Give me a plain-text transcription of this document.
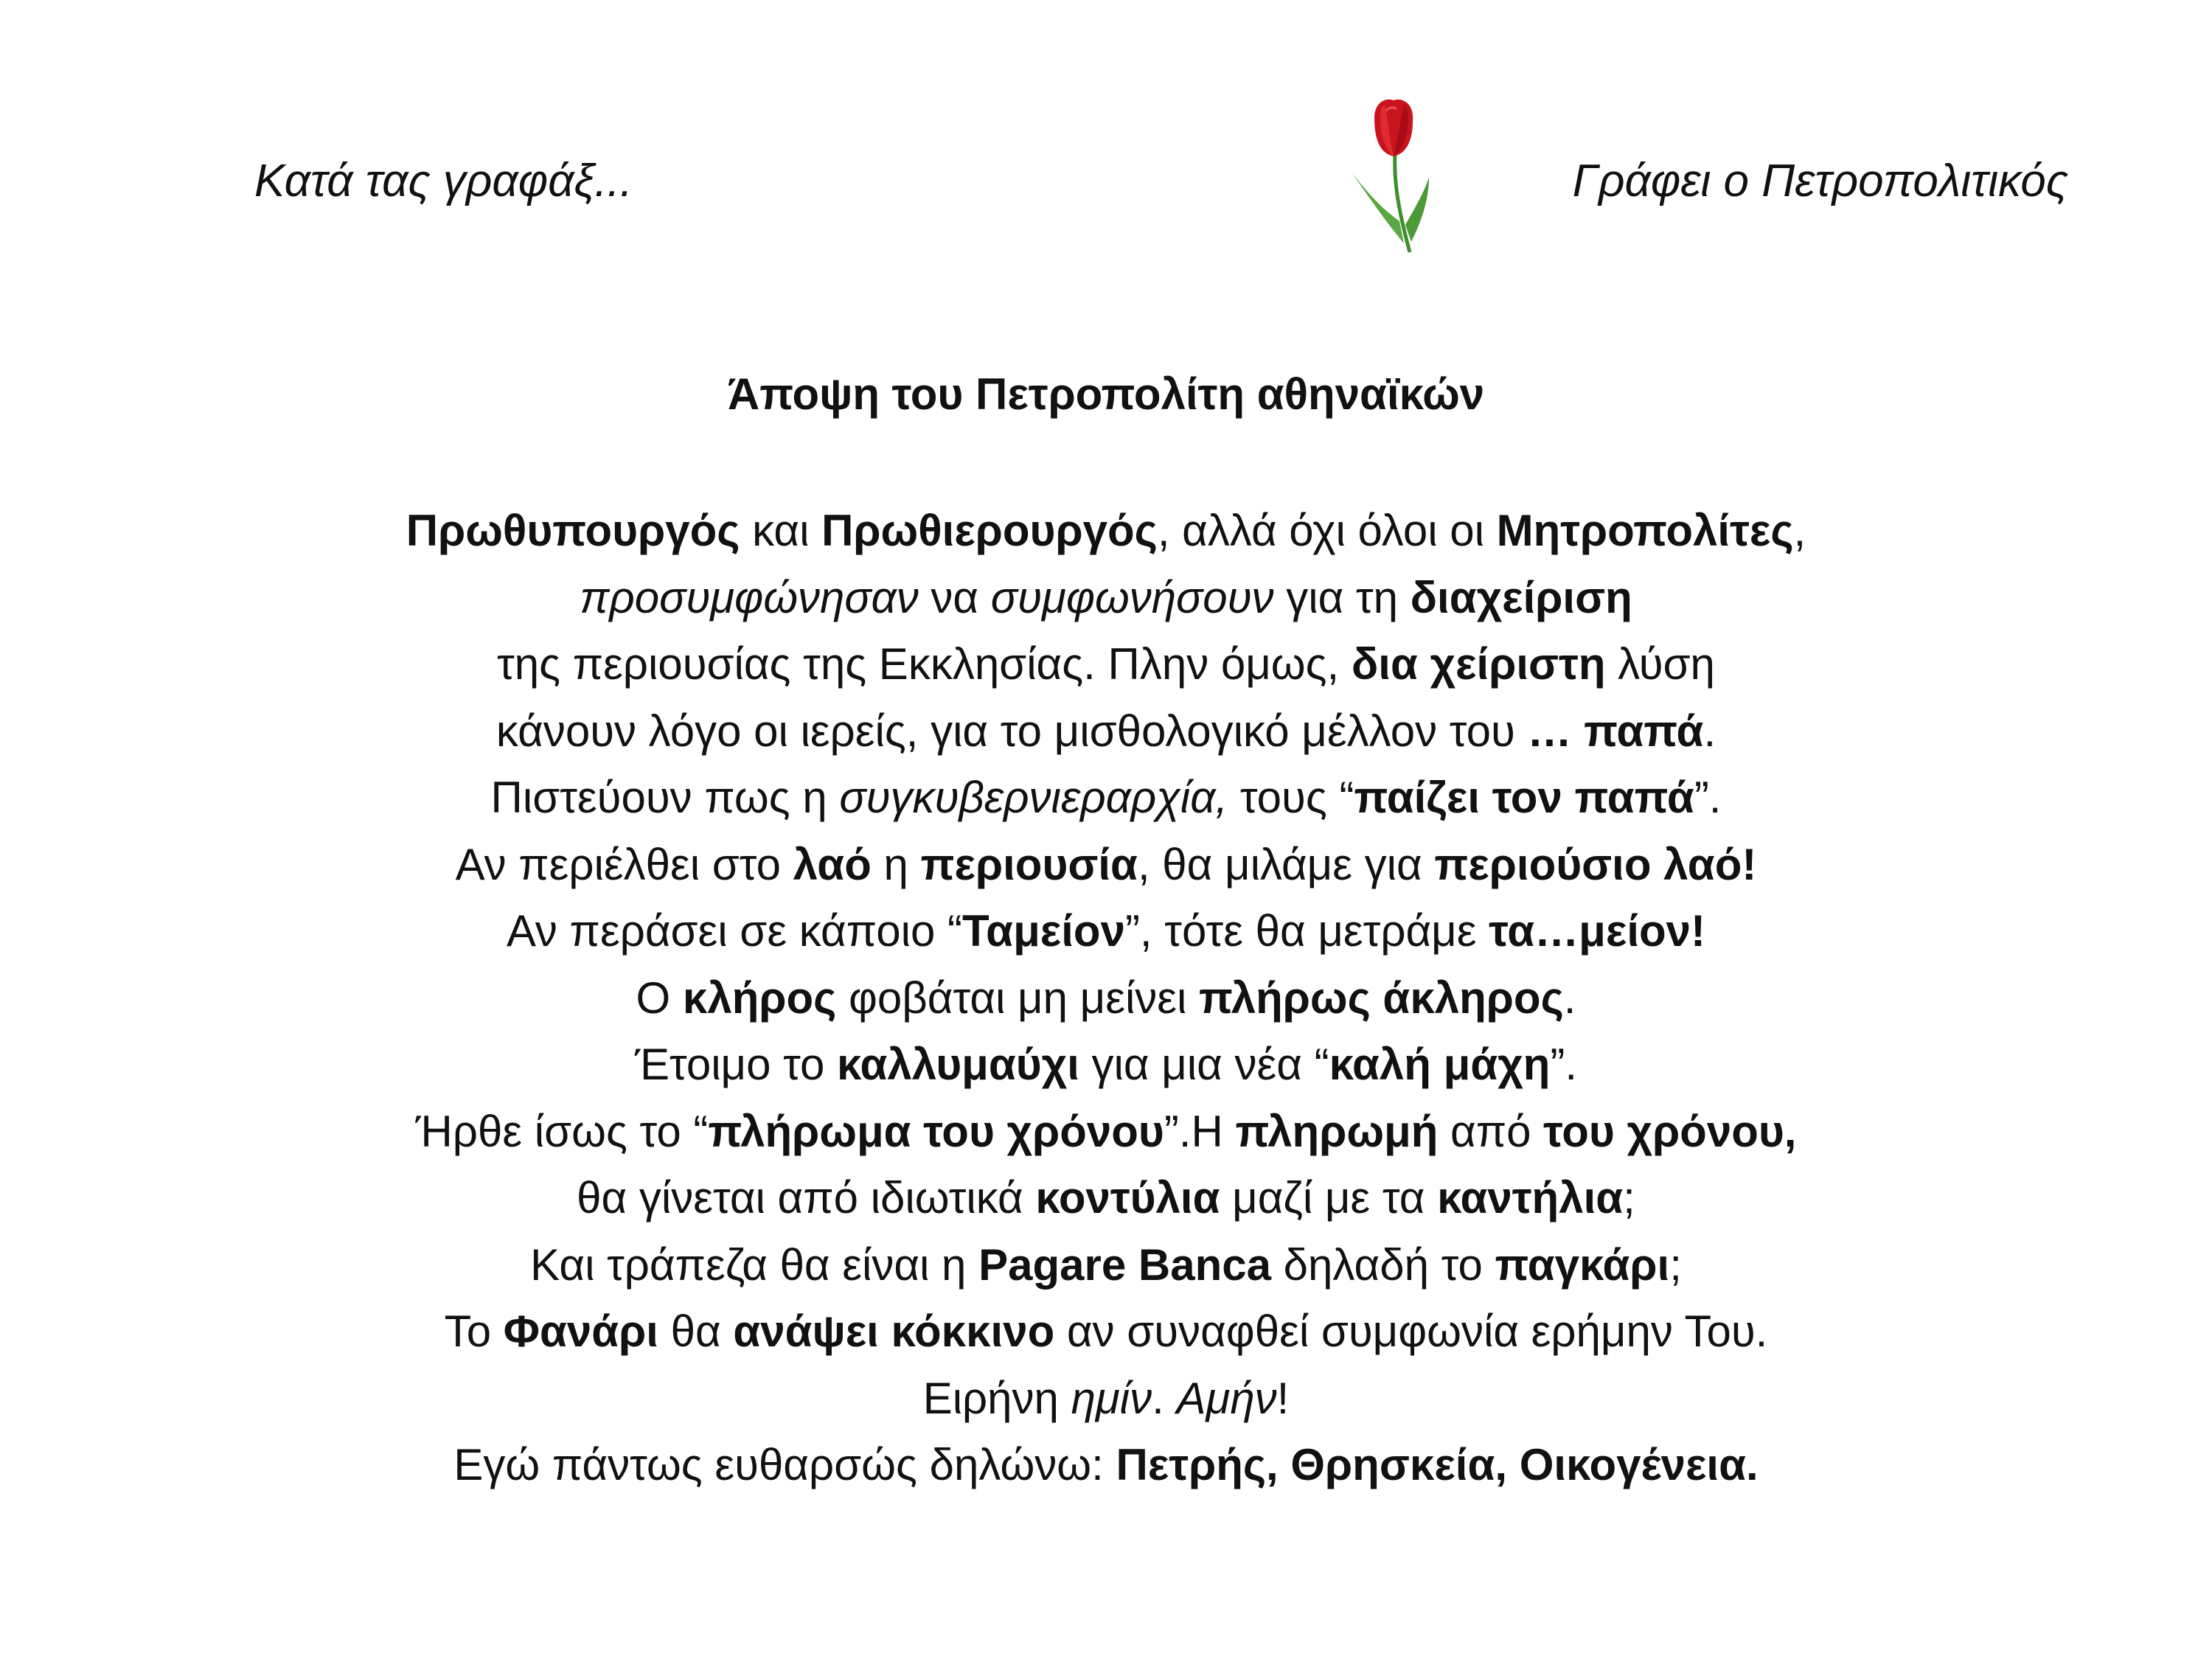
Κατά τας γραφάξ...	Γράφει ο Πετροπολιτικός
Άποψη του Πετροπολίτη αθηναϊκών
Πρωθυπουργός και Πρωθιερουργός, αλλά όχι όλοι οι Μητροπολίτες,
προσυμφώνησαν να συμφωνήσουν για τη διαχείριση
της περιουσίας της Εκκλησίας. Πλην όμως, δια χείριστη λύση
κάνουν λόγο οι ιερείς, για το μισθολογικό μέλλον του … παπά.
Πιστεύουν πως η συγκυβερνιεραρχία, τους “παίζει τον παπά”.
Αν περιέλθει στο λαό η περιουσία, θα μιλάμε για περιούσιο λαό!
Αν περάσει σε κάποιο “Ταμείον”, τότε θα μετράμε τα…μείον!
Ο κλήρος φοβάται μη μείνει πλήρως άκληρος.
Έτοιμο το καλλυμαύχι για μια νέα “καλή μάχη”.
Ήρθε ίσως το “πλήρωμα του χρόνου”.Η πληρωμή από του χρόνου,
θα γίνεται από ιδιωτικά κοντύλια μαζί με τα καντήλια;
Και τράπεζα θα είναι η Pagare Banca δηλαδή το παγκάρι;
Το Φανάρι θα ανάψει κόκκινο αν συναφθεί συμφωνία ερήμην Του.
Ειρήνη ημίν. Αμήν!
Εγώ πάντως ευθαρσώς δηλώνω: Πετρής, Θρησκεία, Οικογένεια.
